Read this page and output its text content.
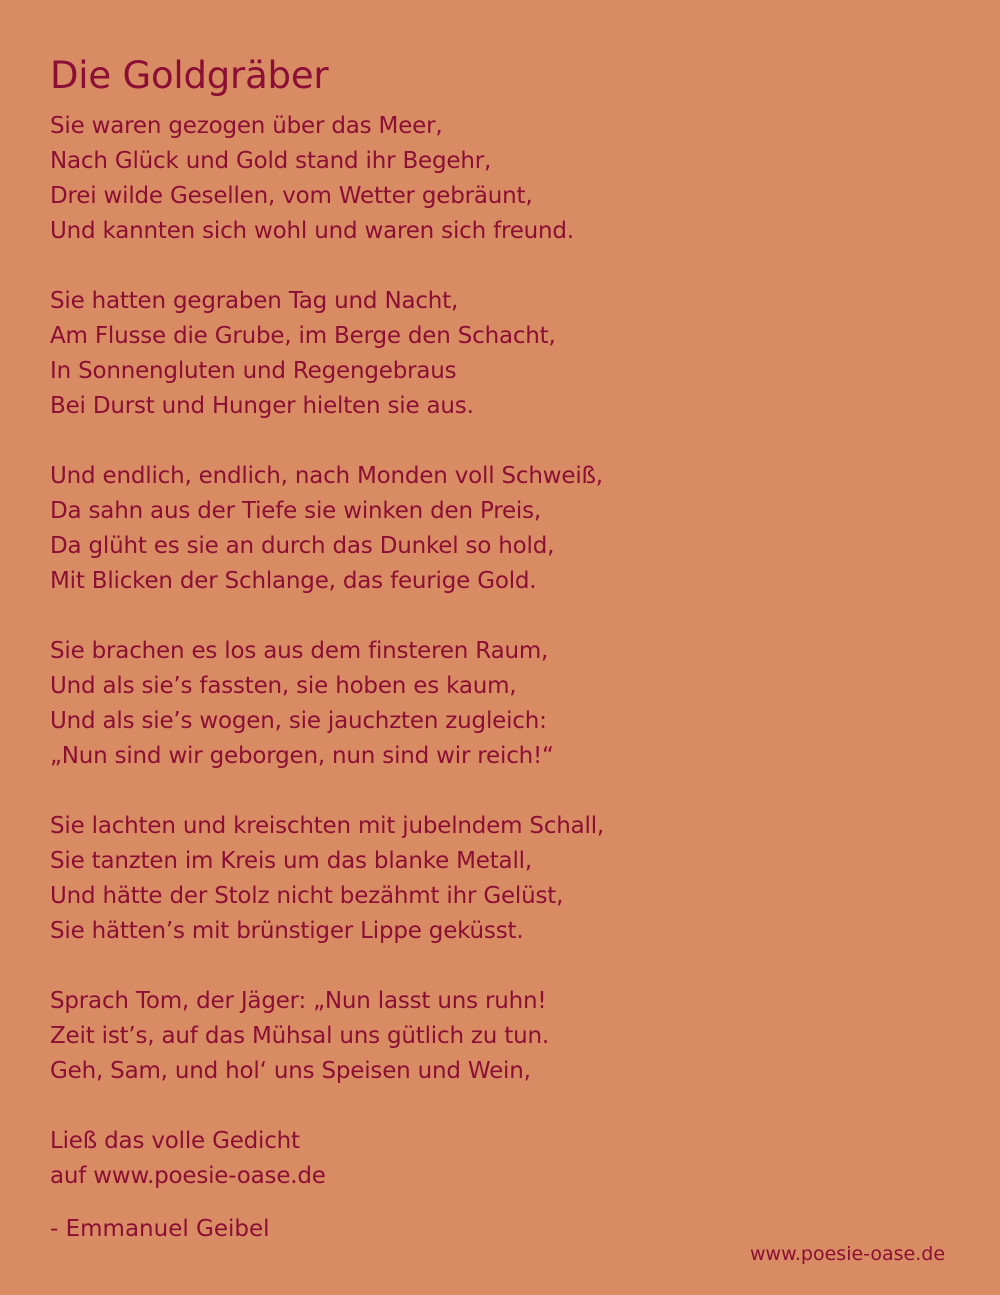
Die Goldgräber
Sie waren gezogen über das Meer,
Nach Glück und Gold stand ihr Begehr,
Drei wilde Gesellen, vom Wetter gebräunt,
Und kannten sich wohl und waren sich freund.
Sie hatten gegraben Tag und Nacht,
Am Flusse die Grube, im Berge den Schacht,
In Sonnengluten und Regengebraus
Bei Durst und Hunger hielten sie aus.
Und endlich, endlich, nach Monden voll Schweiß,
Da sahn aus der Tiefe sie winken den Preis,
Da glüht es sie an durch das Dunkel so hold,
Mit Blicken der Schlange, das feurige Gold.
Sie brachen es los aus dem finsteren Raum,
Und als sie’s fassten, sie hoben es kaum,
Und als sie’s wogen, sie jauchzten zugleich:
„Nun sind wir geborgen, nun sind wir reich!“
Sie lachten und kreischten mit jubelndem Schall,
Sie tanzten im Kreis um das blanke Metall,
Und hätte der Stolz nicht bezähmt ihr Gelüst,
Sie hätten’s mit brünstiger Lippe geküsst.
Sprach Tom, der Jäger: „Nun lasst uns ruhn!
Zeit ist’s, auf das Mühsal uns gütlich zu tun.
Geh, Sam, und hol‘ uns Speisen und Wein,
Ließ das volle Gedicht
auf www.poesie-oase.de
- Emmanuel Geibel
www.poesie-oase.de
